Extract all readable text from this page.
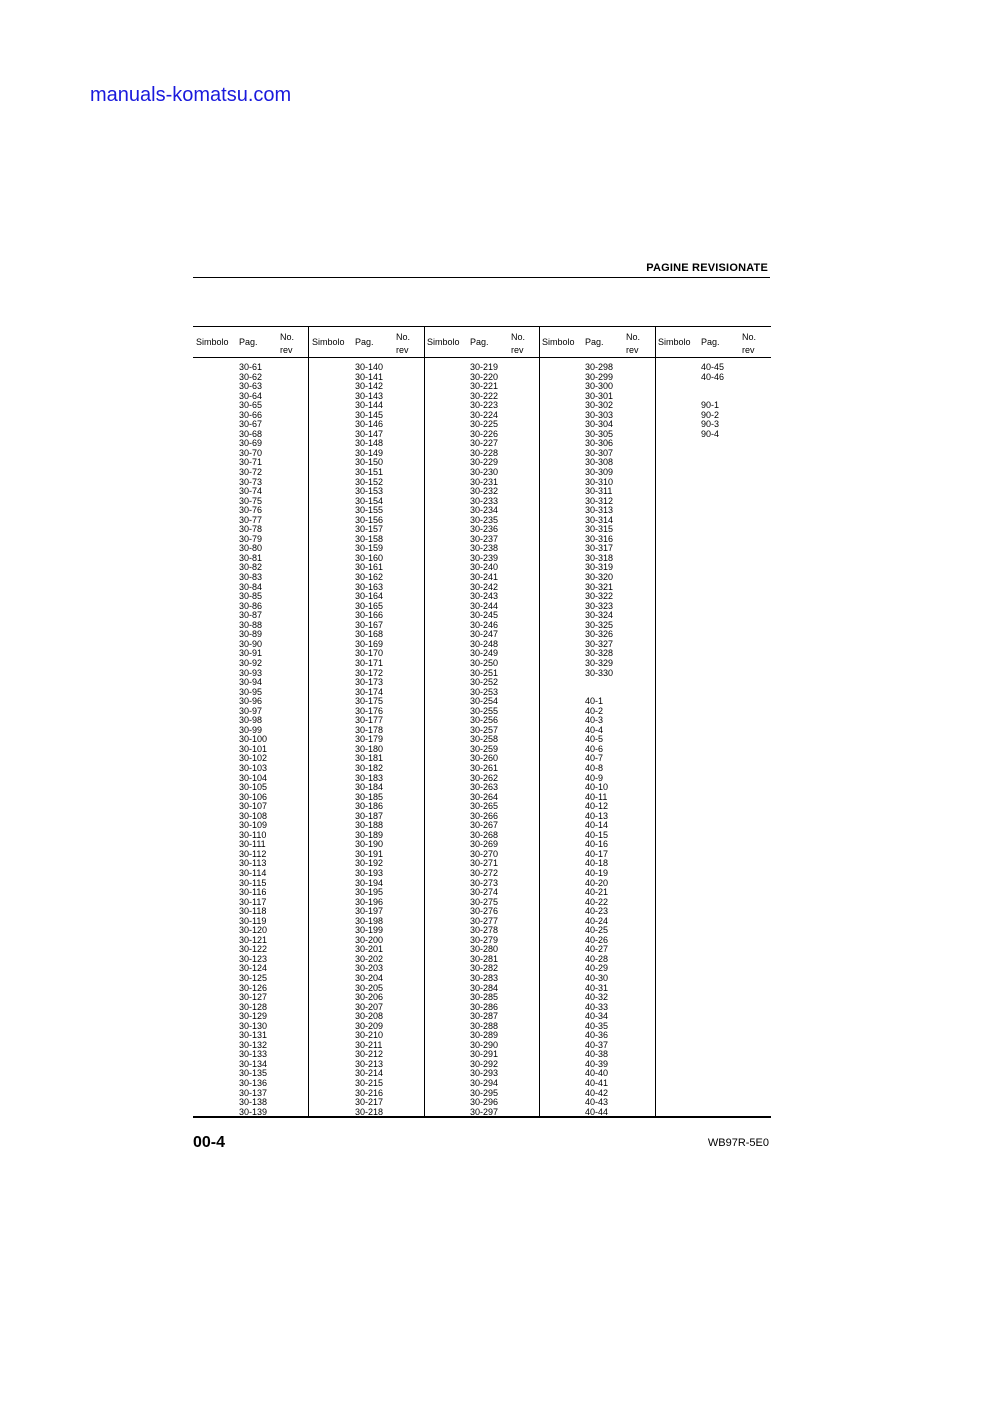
manuals-komatsu.com
PAGINE REVISIONATE
Simbolo Pag. No.
rev
30-61
30-62
30-63
30-64
30-65
30-66
30-67
30-68
30-69
30-70
30-71
30-72
30-73
30-74
30-75
30-76
30-77
30-78
30-79
30-80
30-81
30-82
30-83
30-84
30-85
30-86
30-87
30-88
30-89
30-90
30-91
30-92
30-93
30-94
30-95
30-96
30-97
30-98
30-99
30-100
30-101
30-102
30-103
30-104
30-105
30-106
30-107
30-108
30-109
30-110
30-111
30-112
30-113
30-114
30-115
30-116
30-117
30-118
30-119
30-120
30-121
30-122
30-123
30-124
30-125
30-126
30-127
30-128
30-129
30-130
30-131
30-132
30-133
30-134
30-135
30-136
30-137
30-138
30-139
Simbolo Pag. No.
rev
30-140
30-141
30-142
30-143
30-144
30-145
30-146
30-147
30-148
30-149
30-150
30-151
30-152
30-153
30-154
30-155
30-156
30-157
30-158
30-159
30-160
30-161
30-162
30-163
30-164
30-165
30-166
30-167
30-168
30-169
30-170
30-171
30-172
30-173
30-174
30-175
30-176
30-177
30-178
30-179
30-180
30-181
30-182
30-183
30-184
30-185
30-186
30-187
30-188
30-189
30-190
30-191
30-192
30-193
30-194
30-195
30-196
30-197
30-198
30-199
30-200
30-201
30-202
30-203
30-204
30-205
30-206
30-207
30-208
30-209
30-210
30-211
30-212
30-213
30-214
30-215
30-216
30-217
30-218
Simbolo Pag. No.
rev
30-219
30-220
30-221
30-222
30-223
30-224
30-225
30-226
30-227
30-228
30-229
30-230
30-231
30-232
30-233
30-234
30-235
30-236
30-237
30-238
30-239
30-240
30-241
30-242
30-243
30-244
30-245
30-246
30-247
30-248
30-249
30-250
30-251
30-252
30-253
30-254
30-255
30-256
30-257
30-258
30-259
30-260
30-261
30-262
30-263
30-264
30-265
30-266
30-267
30-268
30-269
30-270
30-271
30-272
30-273
30-274
30-275
30-276
30-277
30-278
30-279
30-280
30-281
30-282
30-283
30-284
30-285
30-286
30-287
30-288
30-289
30-290
30-291
30-292
30-293
30-294
30-295
30-296
30-297
Simbolo Pag. No.
rev
30-298
30-299
30-300
30-301
30-302
30-303
30-304
30-305
30-306
30-307
30-308
30-309
30-310
30-311
30-312
30-313
30-314
30-315
30-316
30-317
30-318
30-319
30-320
30-321
30-322
30-323
30-324
30-325
30-326
30-327
30-328
30-329
30-330

40-1
40-2
40-3
40-4
40-5
40-6
40-7
40-8
40-9
40-10
40-11
40-12
40-13
40-14
40-15
40-16
40-17
40-18
40-19
40-20
40-21
40-22
40-23
40-24
40-25
40-26
40-27
40-28
40-29
40-30
40-31
40-32
40-33
40-34
40-35
40-36
40-37
40-38
40-39
40-40
40-41
40-42
40-43
40-44
Simbolo Pag. No.
rev
40-45
40-46

90-1
90-2
90-3
90-4
00-4	WB97R-5E0
